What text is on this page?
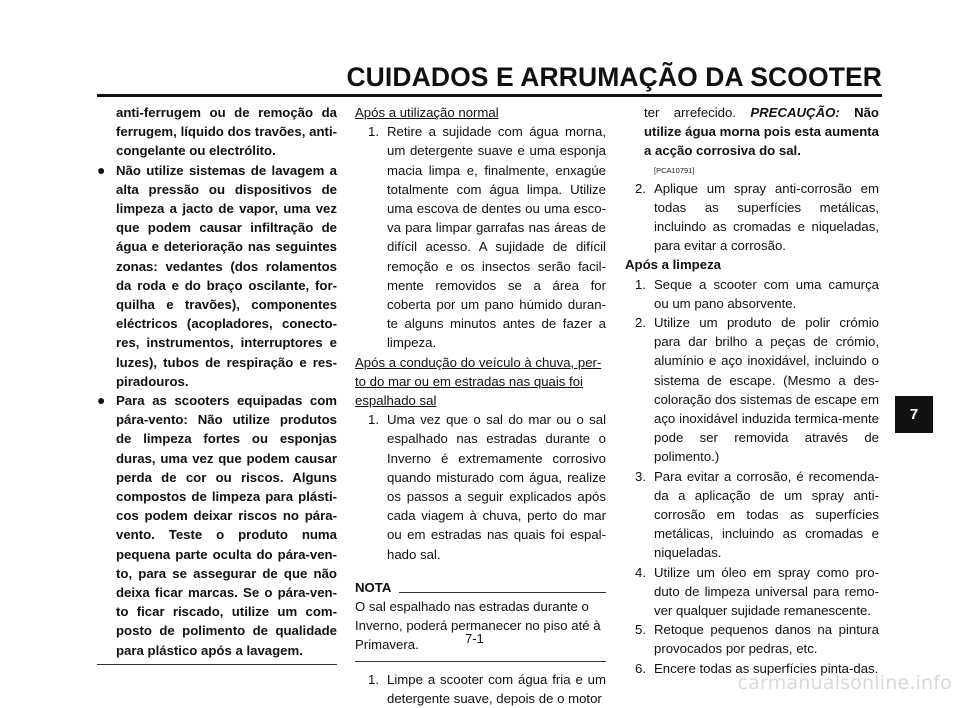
CUIDADOS E ARRUMAÇÃO DA SCOOTER
anti-ferrugem ou de remoção da ferrugem, líquido dos travões, anti-congelante ou electrólito.
● Não utilize sistemas de lavagem a alta pressão ou dispositivos de limpeza a jacto de vapor, uma vez que podem causar infiltração de água e deterioração nas seguintes zonas: vedantes (dos rolamentos da roda e do braço oscilante, for-quilha e travões), componentes eléctricos (acopladores, conecto-res, instrumentos, interruptores e luzes), tubos de respiração e res-piradouros.
● Para as scooters equipadas com pára-vento: Não utilize produtos de limpeza fortes ou esponjas duras, uma vez que podem causar perda de cor ou riscos. Alguns compostos de limpeza para plásti-cos podem deixar riscos no pára-vento. Teste o produto numa pequena parte oculta do pára-ven-to, para se assegurar de que não deixa ficar marcas. Se o pára-ven-to ficar riscado, utilize um com-posto de polimento de qualidade para plástico após a lavagem.
Após a utilização normal
1. Retire a sujidade com água morna, um detergente suave e uma esponja macia limpa e, finalmente, enxagúe totalmente com água limpa. Utilize uma escova de dentes ou uma esco-va para limpar garrafas nas áreas de difícil acesso. A sujidade de difícil remoção e os insectos serão facil-mente removidos se a área for coberta por um pano húmido duran-te alguns minutos antes de fazer a limpeza.
Após a condução do veículo à chuva, per-to do mar ou em estradas nas quais foi espalhado sal
1. Uma vez que o sal do mar ou o sal espalhado nas estradas durante o Inverno é extremamente corrosivo quando misturado com água, realize os passos a seguir explicados após cada viagem à chuva, perto do mar ou em estradas nas quais foi espal-hado sal.
NOTA
O sal espalhado nas estradas durante o Inverno, poderá permanecer no piso até à Primavera.
1. Limpe a scooter com água fria e um detergente suave, depois de o motor
ter arrefecido. PRECAUÇÃO: Não utilize água morna pois esta aumenta a acção corrosiva do sal.
[PCA10791]
2. Aplique um spray anti-corrosão em todas as superfícies metálicas, incluindo as cromadas e niqueladas, para evitar a corrosão.
Após a limpeza
1. Seque a scooter com uma camurça ou um pano absorvente.
2. Utilize um produto de polir crómio para dar brilho a peças de crómio, alumínio e aço inoxidável, incluindo o sistema de escape. (Mesmo a des-coloração dos sistemas de escape em aço inoxidável induzida termica-mente pode ser removida através de polimento.)
3. Para evitar a corrosão, é recomenda-da a aplicação de um spray anti-corrosão em todas as superfícies metálicas, incluindo as cromadas e niqueladas.
4. Utilize um óleo em spray como pro-duto de limpeza universal para remo-ver qualquer sujidade remanescente.
5. Retoque pequenos danos na pintura provocados por pedras, etc.
6. Encere todas as superfícies pinta-das.
7-1
7
carmanualsonline.info
